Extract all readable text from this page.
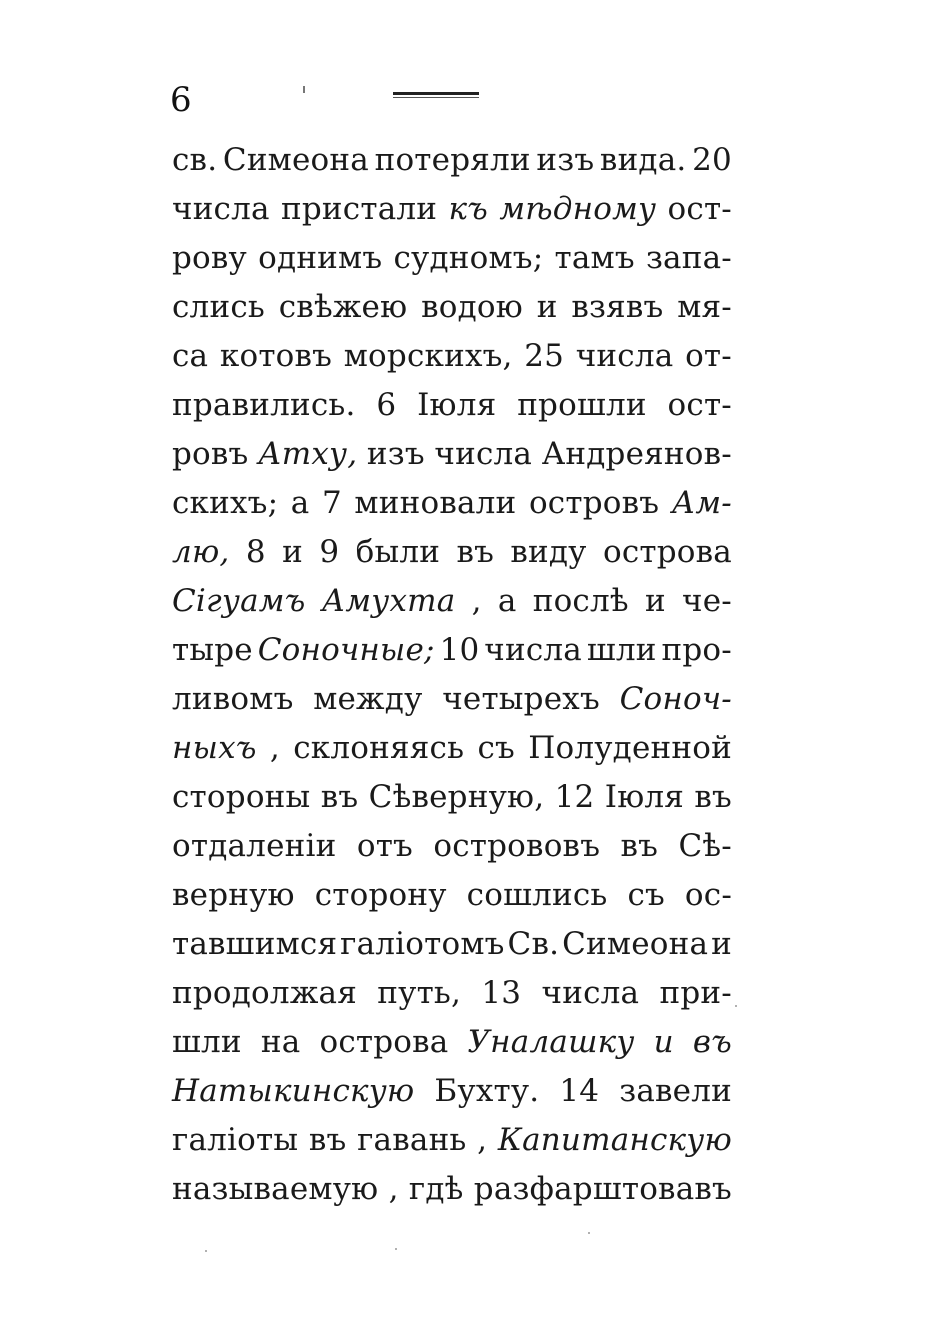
6
св. Симеона потеряли изъ вида. 20
числа пристали къ мѣдному ост-
рову однимъ судномъ; тамъ запа-
слись свѣжею водою и взявъ мя-
са котовъ морскихъ, 25 числа от-
правились. 6 Іюля прошли ост-
ровъ Атху, изъ числа Андреянов-
скихъ; а 7 миновали островъ Ам-
лю, 8 и 9 были въ виду острова
Сігуамъ Амухта , а послѣ и че-
тыре Соночные; 10 числа шли про-
ливомъ между четырехъ Соноч-
ныхъ , склоняясь съ Полуденной
стороны въ Сѣверную, 12 Іюля въ
отдаленіи отъ острововъ въ Сѣ-
верную сторону сошлись съ ос-
тавшимся галіотомъ Св. Симеона и
продолжая путь, 13 числа при-
шли на острова Уналашку и въ
Натыкинскую Бухту. 14 завели
галіоты въ гавань , Капитанскую
называемую , гдѣ разфарштовавъ
